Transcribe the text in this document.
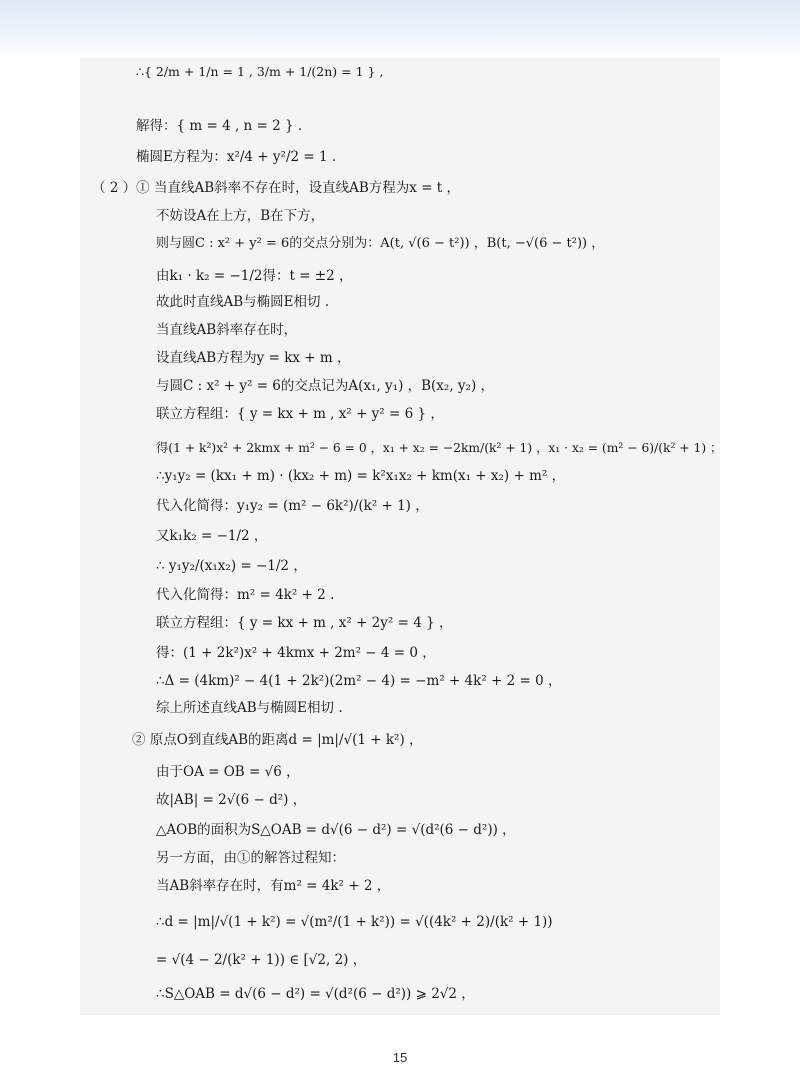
∴{ 2/m + 1/n = 1 , 3/m + 1/(2n) = 1 } ,
解得：{ m = 4 , n = 2 } .
椭圆E方程为：x²/4 + y²/2 = 1 .
（ 2 ）① 当直线AB斜率不存在时，设直线AB方程为x = t ，
不妨设A在上方，B在下方，
则与圆C : x² + y² = 6的交点分别为：A(t, √(6 − t²)) ，B(t, −√(6 − t²)) ，
由k₁ · k₂ = −1/2得：t = ±2 ，
故此时直线AB与椭圆E相切 .
当直线AB斜率存在时，
设直线AB方程为y = kx + m ，
与圆C : x² + y² = 6的交点记为A(x₁, y₁) ，B(x₂, y₂) ，
联立方程组：{ y = kx + m , x² + y² = 6 } ，
得(1 + k²)x² + 2kmx + m² − 6 = 0 ，x₁ + x₂ = −2km/(k² + 1) ，x₁ · x₂ = (m² − 6)/(k² + 1) ；
∴y₁y₂ = (kx₁ + m) · (kx₂ + m) = k²x₁x₂ + km(x₁ + x₂) + m² ，
代入化简得：y₁y₂ = (m² − 6k²)/(k² + 1) ，
又k₁k₂ = −1/2 ，
∴ y₁y₂/(x₁x₂) = −1/2 ，
代入化简得：m² = 4k² + 2 .
联立方程组：{ y = kx + m , x² + 2y² = 4 } ，
得：(1 + 2k²)x² + 4kmx + 2m² − 4 = 0 ，
∴Δ = (4km)² − 4(1 + 2k²)(2m² − 4) = −m² + 4k² + 2 = 0 ，
综上所述直线AB与椭圆E相切 .
② 原点O到直线AB的距离d = |m|/√(1 + k²) ，
由于OA = OB = √6 ，
故|AB| = 2√(6 − d²) ，
△AOB的面积为S△OAB = d√(6 − d²) = √(d²(6 − d²)) ，
另一方面，由①的解答过程知：
当AB斜率存在时，有m² = 4k² + 2 ，
∴d = |m|/√(1 + k²) = √(m²/(1 + k²)) = √((4k² + 2)/(k² + 1))
= √(4 − 2/(k² + 1)) ∈ [√2, 2) ，
∴S△OAB = d√(6 − d²) = √(d²(6 − d²)) ⩾ 2√2 ，
15
